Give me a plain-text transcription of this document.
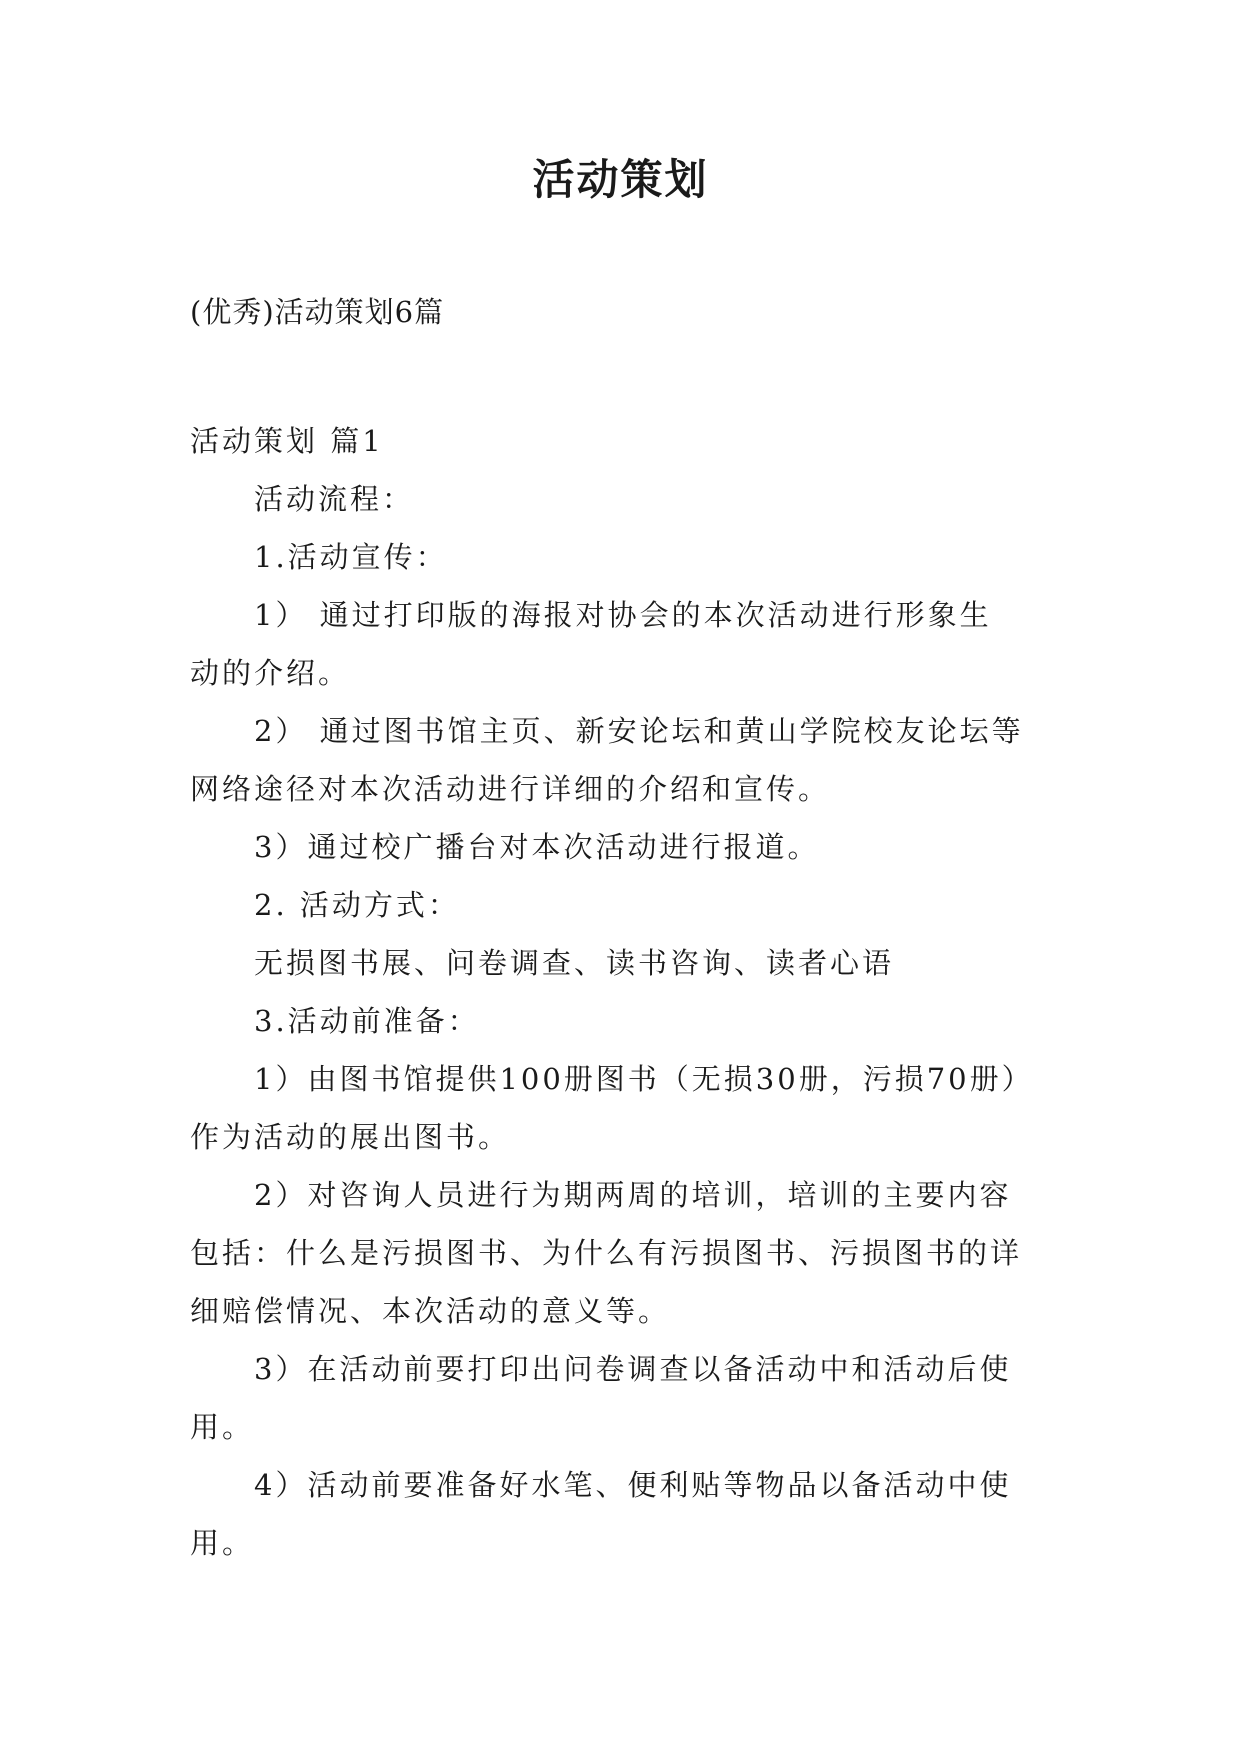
活动策划
(优秀)活动策划6篇
活动策划 篇1
活动流程：
1.活动宣传：
1） 通过打印版的海报对协会的本次活动进行形象生
动的介绍。
2） 通过图书馆主页、新安论坛和黄山学院校友论坛等
网络途径对本次活动进行详细的介绍和宣传。
3）通过校广播台对本次活动进行报道。
2. 活动方式：
无损图书展、问卷调查、读书咨询、读者心语
3.活动前准备：
1）由图书馆提供100册图书（无损30册，污损70册）
作为活动的展出图书。
2）对咨询人员进行为期两周的培训，培训的主要内容
包括：什么是污损图书、为什么有污损图书、污损图书的详
细赔偿情况、本次活动的意义等。
3）在活动前要打印出问卷调查以备活动中和活动后使
用。
4）活动前要准备好水笔、便利贴等物品以备活动中使
用。
